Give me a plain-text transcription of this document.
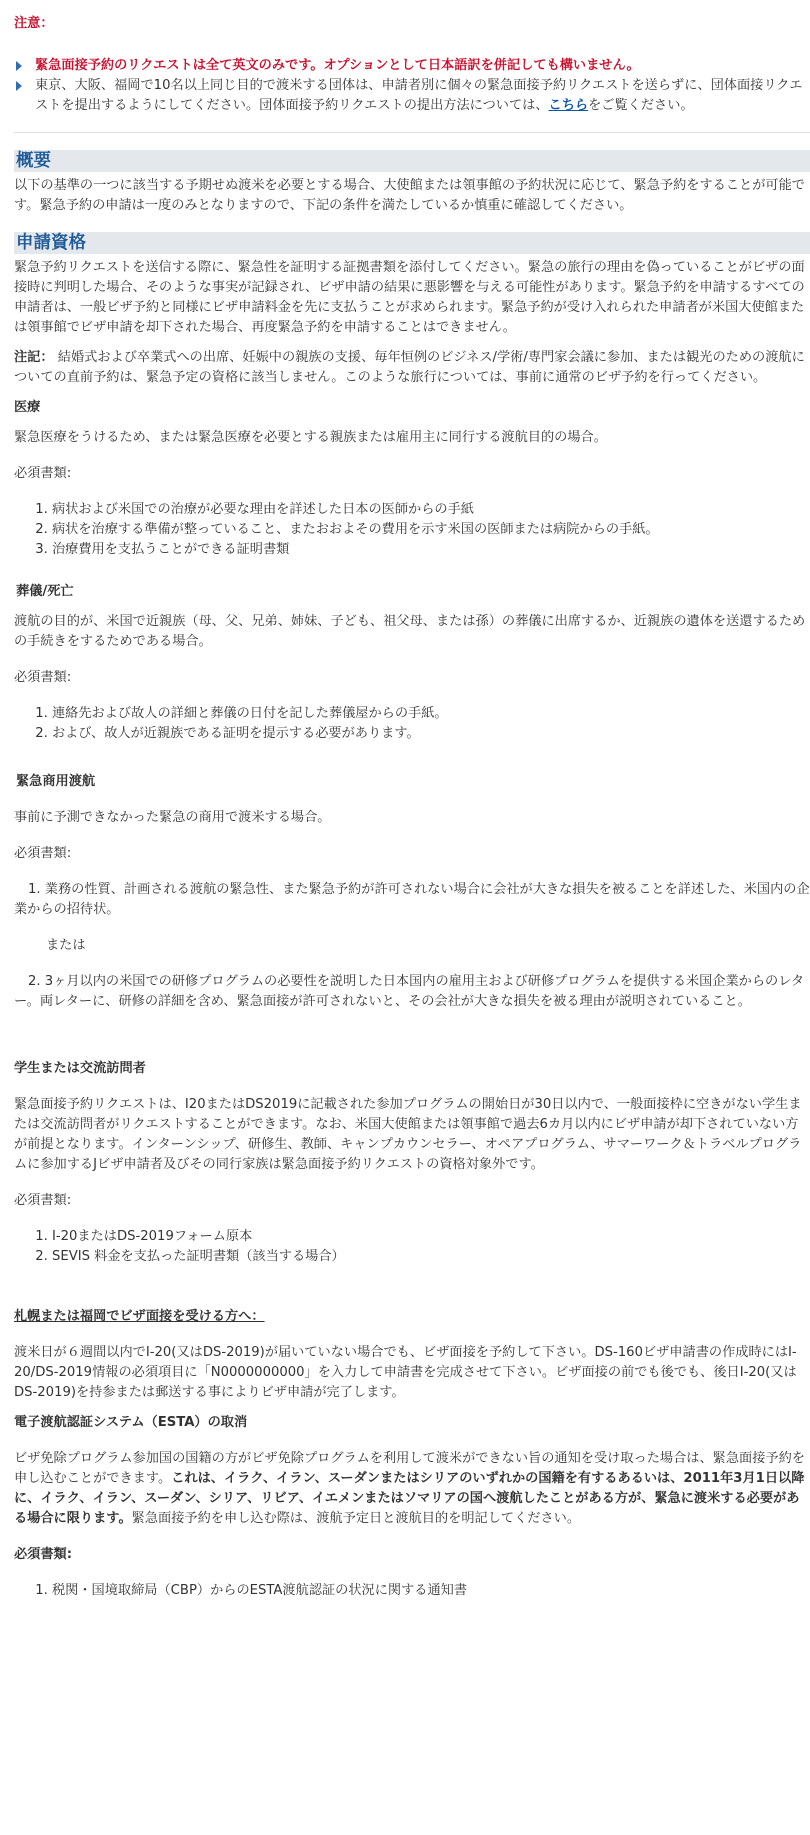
注意：

緊急面接予約のリクエストは全て英文のみです。オプションとして日本語訳を併記しても構いません。
東京、大阪、福岡で10名以上同じ目的で渡米する団体は、申請者別に個々の緊急面接予約リクエストを送らずに、団体面接リクエストを提出するようにしてください。団体面接予約リクエストの提出方法については、こちらをご覧ください。
概要

以下の基準の一つに該当する予期せぬ渡米を必要とする場合、大使館または領事館の予約状況に応じて、緊急予約をすることが可能です。緊急予約の申請は一度のみとなりますので、下記の条件を満たしているか慎重に確認してください。

申請資格

緊急予約リクエストを送信する際に、緊急性を証明する証拠書類を添付してください。緊急の旅行の理由を偽っていることがビザの面接時に判明した場合、そのような事実が記録され、ビザ申請の結果に悪影響を与える可能性があります。緊急予約を申請するすべての申請者は、一般ビザ予約と同様にビザ申請料金を先に支払うことが求められます。緊急予約が受け入れられた申請者が米国大使館または領事館でビザ申請を却下された場合、再度緊急予約を申請することはできません。

注記： 結婚式および卒業式への出席、妊娠中の親族の支援、毎年恒例のビジネス/学術/専門家会議に参加、または観光のための渡航についての直前予約は、緊急予定の資格に該当しません。このような旅行については、事前に通常のビザ予約を行ってください。

医療

緊急医療をうけるため、または緊急医療を必要とする親族または雇用主に同行する渡航目的の場合。

必須書類:

1. 病状および米国での治療が必要な理由を詳述した日本の医師からの手紙
2. 病状を治療する準備が整っていること、またおおよその費用を示す米国の医師または病院からの手紙。
3. 治療費用を支払うことができる証明書類

葬儀/死亡

渡航の目的が、米国で近親族（母、父、兄弟、姉妹、子ども、祖父母、または孫）の葬儀に出席するか、近親族の遺体を送還するための手続きをするためである場合。

必須書類:

1. 連絡先および故人の詳細と葬儀の日付を記した葬儀屋からの手紙。
2. および、故人が近親族である証明を提示する必要があります。

緊急商用渡航

事前に予測できなかった緊急の商用で渡米する場合。

必須書類:

1. 業務の性質、計画される渡航の緊急性、また緊急予約が許可されない場合に会社が大きな損失を被ることを詳述した、米国内の企業からの招待状。

または

2. 3ヶ月以内の米国での研修プログラムの必要性を説明した日本国内の雇用主および研修プログラムを提供する米国企業からのレター。両レターに、研修の詳細を含め、緊急面接が許可されないと、その会社が大きな損失を被る理由が説明されていること。

学生または交流訪問者

緊急面接予約リクエストは、I20またはDS2019に記載された参加プログラムの開始日が30日以内で、一般面接枠に空きがない学生または交流訪問者がリクエストすることができます。なお、米国大使館または領事館で過去6カ月以内にビザ申請が却下されていない方が前提となります。インターンシップ、研修生、教師、キャンプカウンセラー、オペアプログラム、サマーワーク＆トラベルプログラムに参加するJビザ申請者及びその同行家族は緊急面接予約リクエストの資格対象外です。

必須書類:

1. I-20またはDS-2019フォーム原本
2. SEVIS 料金を支払った証明書類（該当する場合）

札幌または福岡でビザ面接を受ける方へ：

渡米日が６週間以内でI-20(又はDS-2019)が届いていない場合でも、ビザ面接を予約して下さい。DS-160ビザ申請書の作成時にはI-20/DS-2019情報の必須項目に「N0000000000」を入力して申請書を完成させて下さい。ビザ面接の前でも後でも、後日I-20(又はDS-2019)を持参または郵送する事によりビザ申請が完了します。

電子渡航認証システム（ESTA）の取消

ビザ免除プログラム参加国の国籍の方がビザ免除プログラムを利用して渡米ができない旨の通知を受け取った場合は、緊急面接予約を申し込むことができます。これは、イラク、イラン、スーダンまたはシリアのいずれかの国籍を有するあるいは、2011年3月1日以降に、イラク、イラン、スーダン、シリア、リビア、イエメンまたはソマリアの国へ渡航したことがある方が、緊急に渡米する必要がある場合に限ります。緊急面接予約を申し込む際は、渡航予定日と渡航目的を明記してください。

必須書類:

1. 税関・国境取締局（CBP）からのESTA渡航認証の状況に関する通知書
